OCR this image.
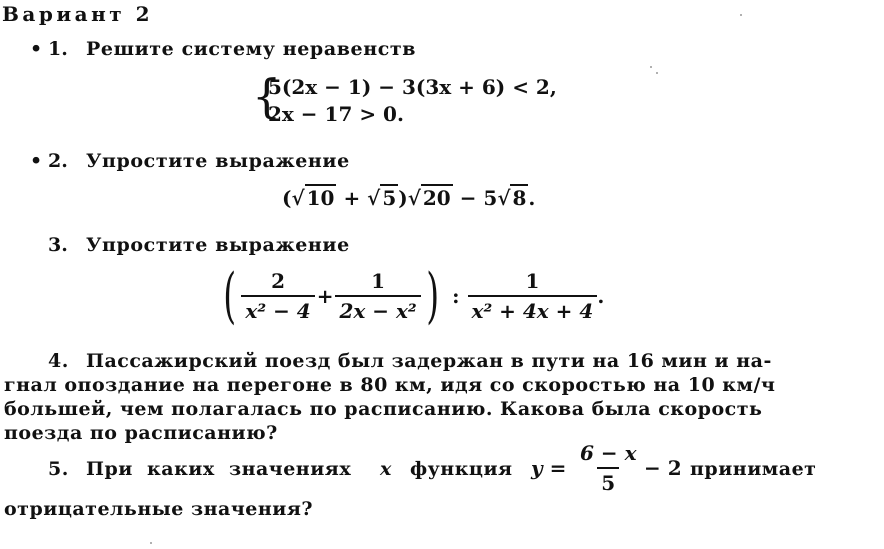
Вариант 2
• 1. Решите систему неравенств
{
5(2x − 1) − 3(3x + 6) < 2,
2x − 17 > 0.
• 2. Упростите выражение
(√ 10 + √ 5 )√ 20 − 5√ 8 .
3. Упростите выражение
( $\frac{2}{\text{x² − 4}} + \frac{1}{\text{2x − x²}}$ ) : $\frac{1}{\text{x² + 4x + 4}}$ .
4. Пассажирский поезд был задержан в пути на 16 мин и на-
гнал опоздание на перегоне в 80 км, идя со скоростью на 10 км/ч
большей, чем полагалась по расписанию. Какова была скорость
поезда по расписанию?
5. При  каких  значениях x функция $y = \frac{6 - x}{5} - 2$ принимает
отрицательные значения?
